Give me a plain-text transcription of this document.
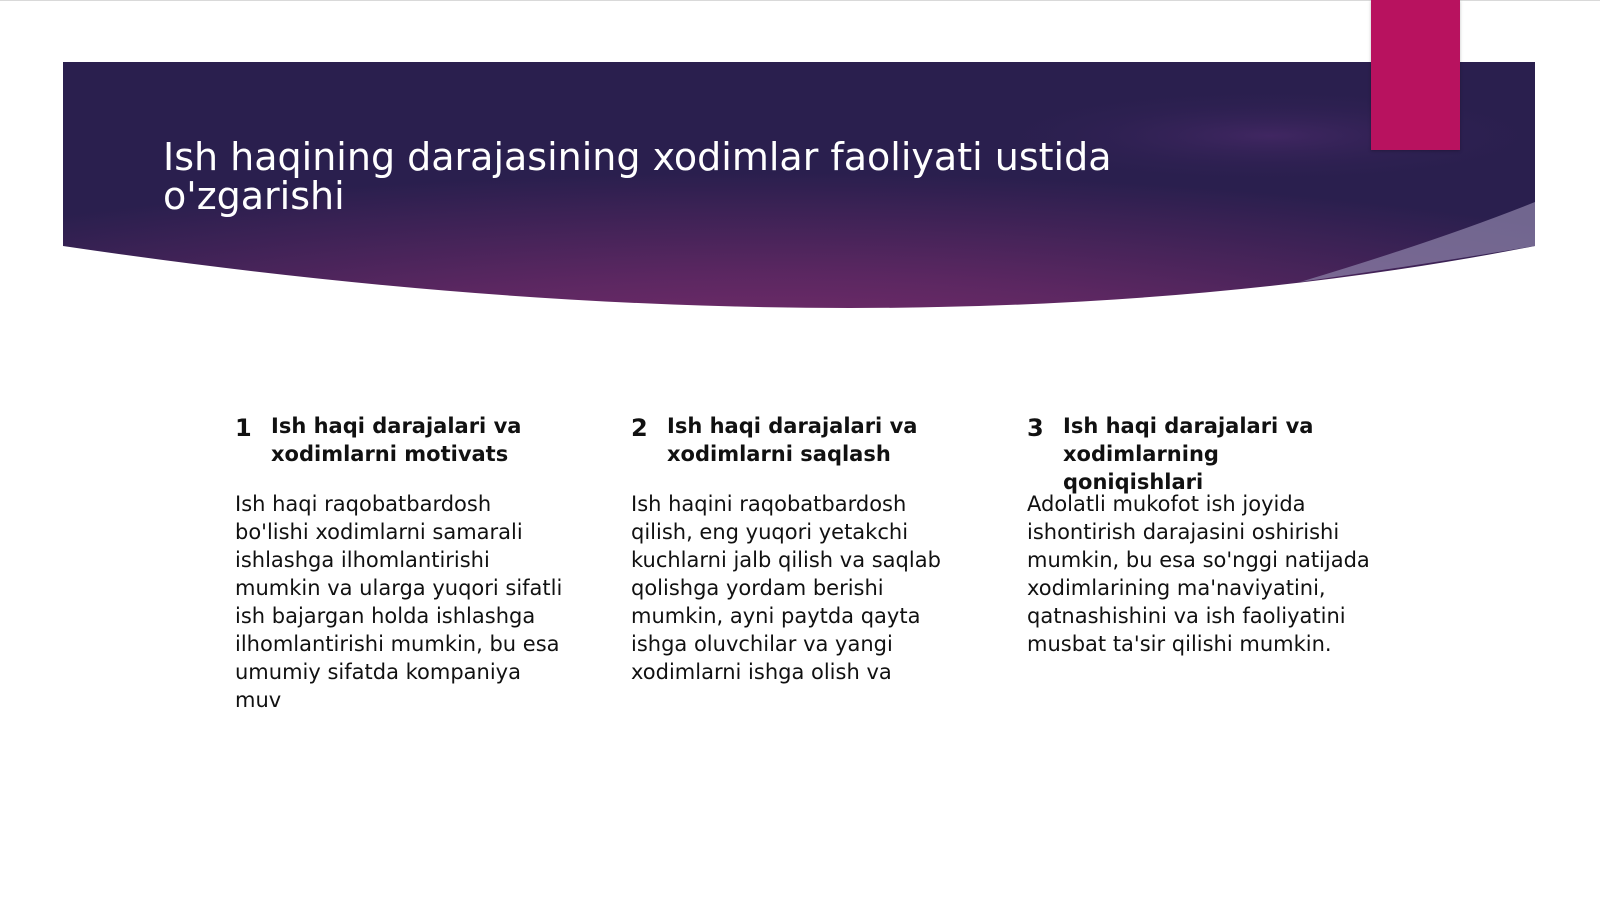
Ish haqining darajasining xodimlar faoliyati ustida o'zgarishi
1 Ish haqi darajalari va xodimlarni motivats

Ish haqi raqobatbardosh bo'lishi xodimlarni samarali ishlashga ilhomlantirishi mumkin va ularga yuqori sifatli ish bajargan holda ishlashga ilhomlantirishi mumkin, bu esa umumiy sifatda kompaniya muv

2 Ish haqi darajalari va xodimlarni saqlash

Ish haqini raqobatbardosh qilish, eng yuqori yetakchi kuchlarni jalb qilish va saqlab qolishga yordam berishi mumkin, ayni paytda qayta ishga oluvchilar va yangi xodimlarni ishga olish va

3 Ish haqi darajalari va xodimlarning qoniqishlari

Adolatli mukofot ish joyida ishontirish darajasini oshirishi mumkin, bu esa so'nggi natijada xodimlarining ma'naviyatini, qatnashishini va ish faoliyatini musbat ta'sir qilishi mumkin.
